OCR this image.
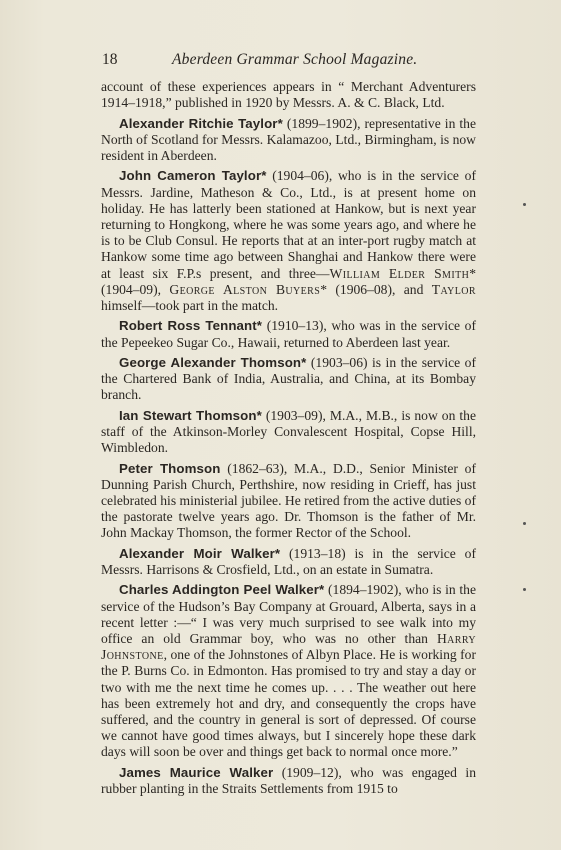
18	Aberdeen Grammar School Magazine.

account of these experiences appears in “ Merchant Adventurers 1914–1918,” published in 1920 by Messrs. A. & C. Black, Ltd.

Alexander Ritchie Taylor* (1899–1902), representative in the North of Scotland for Messrs. Kalamazoo, Ltd., Birmingham, is now resident in Aberdeen.

John Cameron Taylor* (1904–06), who is in the service of Messrs. Jardine, Matheson & Co., Ltd., is at present home on holiday. He has latterly been stationed at Hankow, but is next year returning to Hongkong, where he was some years ago, and where he is to be Club Consul. He reports that at an inter-port rugby match at Hankow some time ago between Shanghai and Hankow there were at least six F.P.s present, and three—William Elder Smith* (1904–09), George Alston Buyers* (1906–08), and Taylor himself—took part in the match.

Robert Ross Tennant* (1910–13), who was in the service of the Pepeekeo Sugar Co., Hawaii, returned to Aberdeen last year.

George Alexander Thomson* (1903–06) is in the service of the Chartered Bank of India, Australia, and China, at its Bombay branch.

Ian Stewart Thomson* (1903–09), M.A., M.B., is now on the staff of the Atkinson-Morley Convalescent Hospital, Copse Hill, Wimbledon.

Peter Thomson (1862–63), M.A., D.D., Senior Minister of Dunning Parish Church, Perthshire, now residing in Crieff, has just celebrated his ministerial jubilee. He retired from the active duties of the pastorate twelve years ago. Dr. Thomson is the father of Mr. John Mackay Thomson, the former Rector of the School.

Alexander Moir Walker* (1913–18) is in the service of Messrs. Harrisons & Crosfield, Ltd., on an estate in Sumatra.

Charles Addington Peel Walker* (1894–1902), who is in the service of the Hudson’s Bay Company at Grouard, Alberta, says in a recent letter :—“ I was very much surprised to see walk into my office an old Grammar boy, who was no other than Harry Johnstone, one of the Johnstones of Albyn Place. He is working for the P. Burns Co. in Edmonton. Has promised to try and stay a day or two with me the next time he comes up. . . . The weather out here has been extremely hot and dry, and consequently the crops have suffered, and the country in general is sort of depressed. Of course we cannot have good times always, but I sincerely hope these dark days will soon be over and things get back to normal once more.”

James Maurice Walker (1909–12), who was engaged in rubber planting in the Straits Settlements from 1915 to
